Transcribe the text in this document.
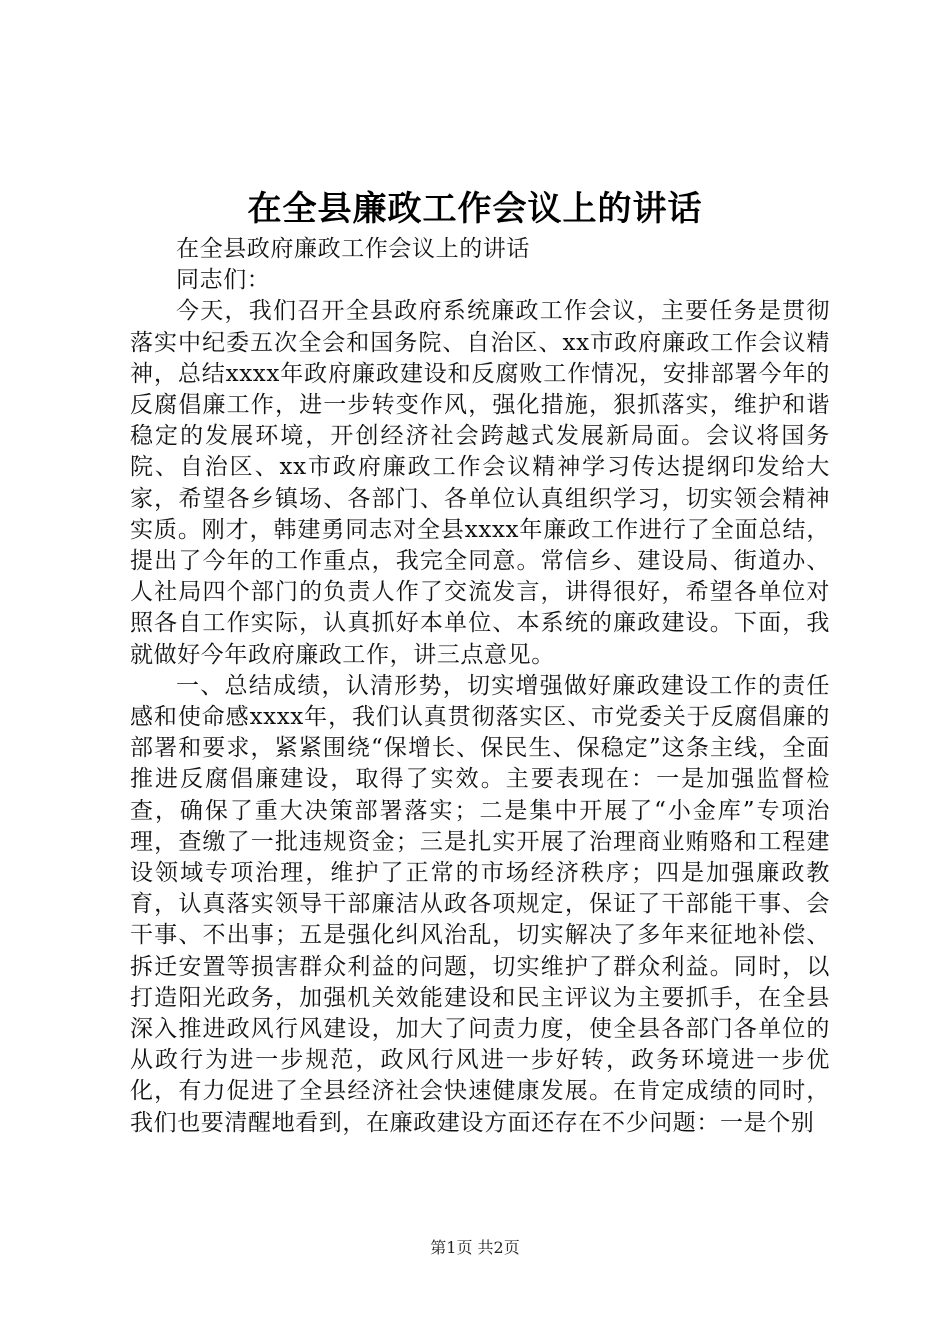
在全县廉政工作会议上的讲话

在全县政府廉政工作会议上的讲话

同志们：

今天，我们召开全县政府系统廉政工作会议，主要任务是贯彻落实中纪委五次全会和国务院、自治区、xx市政府廉政工作会议精神，总结xxxx年政府廉政建设和反腐败工作情况，安排部署今年的反腐倡廉工作，进一步转变作风，强化措施，狠抓落实，维护和谐稳定的发展环境，开创经济社会跨越式发展新局面。会议将国务院、自治区、xx市政府廉政工作会议精神学习传达提纲印发给大家，希望各乡镇场、各部门、各单位认真组织学习，切实领会精神实质。刚才，韩建勇同志对全县xxxx年廉政工作进行了全面总结，提出了今年的工作重点，我完全同意。常信乡、建设局、街道办、人社局四个部门的负责人作了交流发言，讲得很好，希望各单位对照各自工作实际，认真抓好本单位、本系统的廉政建设。下面，我就做好今年政府廉政工作，讲三点意见。

一、总结成绩，认清形势，切实增强做好廉政建设工作的责任感和使命感xxxx年，我们认真贯彻落实区、市党委关于反腐倡廉的部署和要求，紧紧围绕“保增长、保民生、保稳定”这条主线，全面推进反腐倡廉建设，取得了实效。主要表现在：一是加强监督检查，确保了重大决策部署落实；二是集中开展了“小金库”专项治理，查缴了一批违规资金；三是扎实开展了治理商业贿赂和工程建设领域专项治理，维护了正常的市场经济秩序；四是加强廉政教育，认真落实领导干部廉洁从政各项规定，保证了干部能干事、会干事、不出事；五是强化纠风治乱，切实解决了多年来征地补偿、拆迁安置等损害群众利益的问题，切实维护了群众利益。同时，以打造阳光政务，加强机关效能建设和民主评议为主要抓手，在全县深入推进政风行风建设，加大了问责力度，使全县各部门各单位的从政行为进一步规范，政风行风进一步好转，政务环境进一步优化，有力促进了全县经济社会快速健康发展。在肯定成绩的同时，我们也要清醒地看到，在廉政建设方面还存在不少问题：一是个别

第1页 共2页
